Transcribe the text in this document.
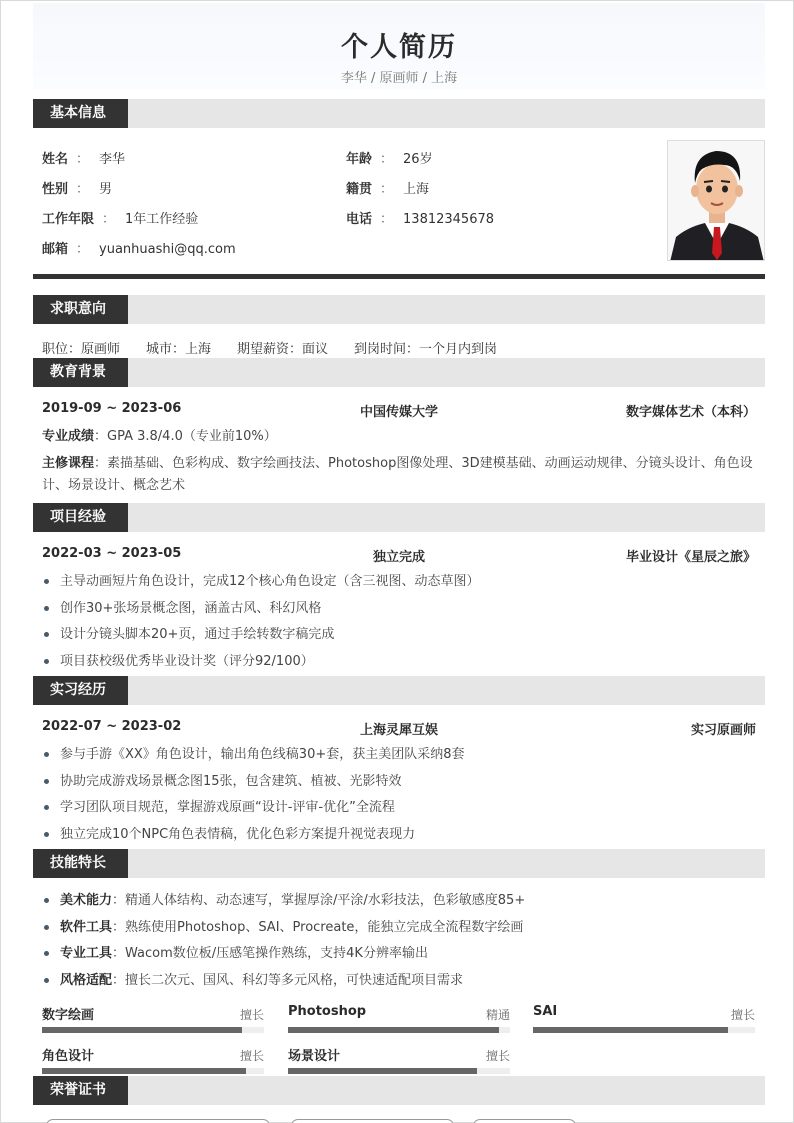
个人简历
李华 / 原画师 / 上海
基本信息
姓名 ： 李华	年龄 ： 26岁
性别 ： 男	籍贯 ： 上海
工作年限 ： 1年工作经验	电话 ： 13812345678
邮箱 ： yuanhuashi@qq.com
求职意向
职位：原画师 城市：上海 期望薪资：面议 到岗时间：一个月内到岗
教育背景
2019-09 ~ 2023-06	中国传媒大学	数字媒体艺术（本科）
专业成绩：GPA 3.8/4.0（专业前10%）
主修课程：素描基础、色彩构成、数字绘画技法、Photoshop图像处理、3D建模基础、动画运动规律、分镜头设计、角色设计、场景设计、概念艺术
项目经验
2022-03 ~ 2023-05	独立完成	毕业设计《星辰之旅》
主导动画短片角色设计，完成12个核心角色设定（含三视图、动态草图）
创作30+张场景概念图，涵盖古风、科幻风格
设计分镜头脚本20+页，通过手绘转数字稿完成
项目获校级优秀毕业设计奖（评分92/100）
实习经历
2022-07 ~ 2023-02	上海灵犀互娱	实习原画师
参与手游《XX》角色设计，输出角色线稿30+套，获主美团队采纳8套
协助完成游戏场景概念图15张，包含建筑、植被、光影特效
学习团队项目规范，掌握游戏原画“设计-评审-优化”全流程
独立完成10个NPC角色表情稿，优化色彩方案提升视觉表现力
技能特长
美术能力：精通人体结构、动态速写，掌握厚涂/平涂/水彩技法，色彩敏感度85+
软件工具：熟练使用Photoshop、SAI、Procreate，能独立完成全流程数字绘画
专业工具：Wacom数位板/压感笔操作熟练，支持4K分辨率输出
风格适配：擅长二次元、国风、科幻等多元风格，可快速适配项目需求
数字绘画	擅长 Photoshop	精通 SAI	擅长
角色设计	擅长 场景设计	擅长
荣誉证书
